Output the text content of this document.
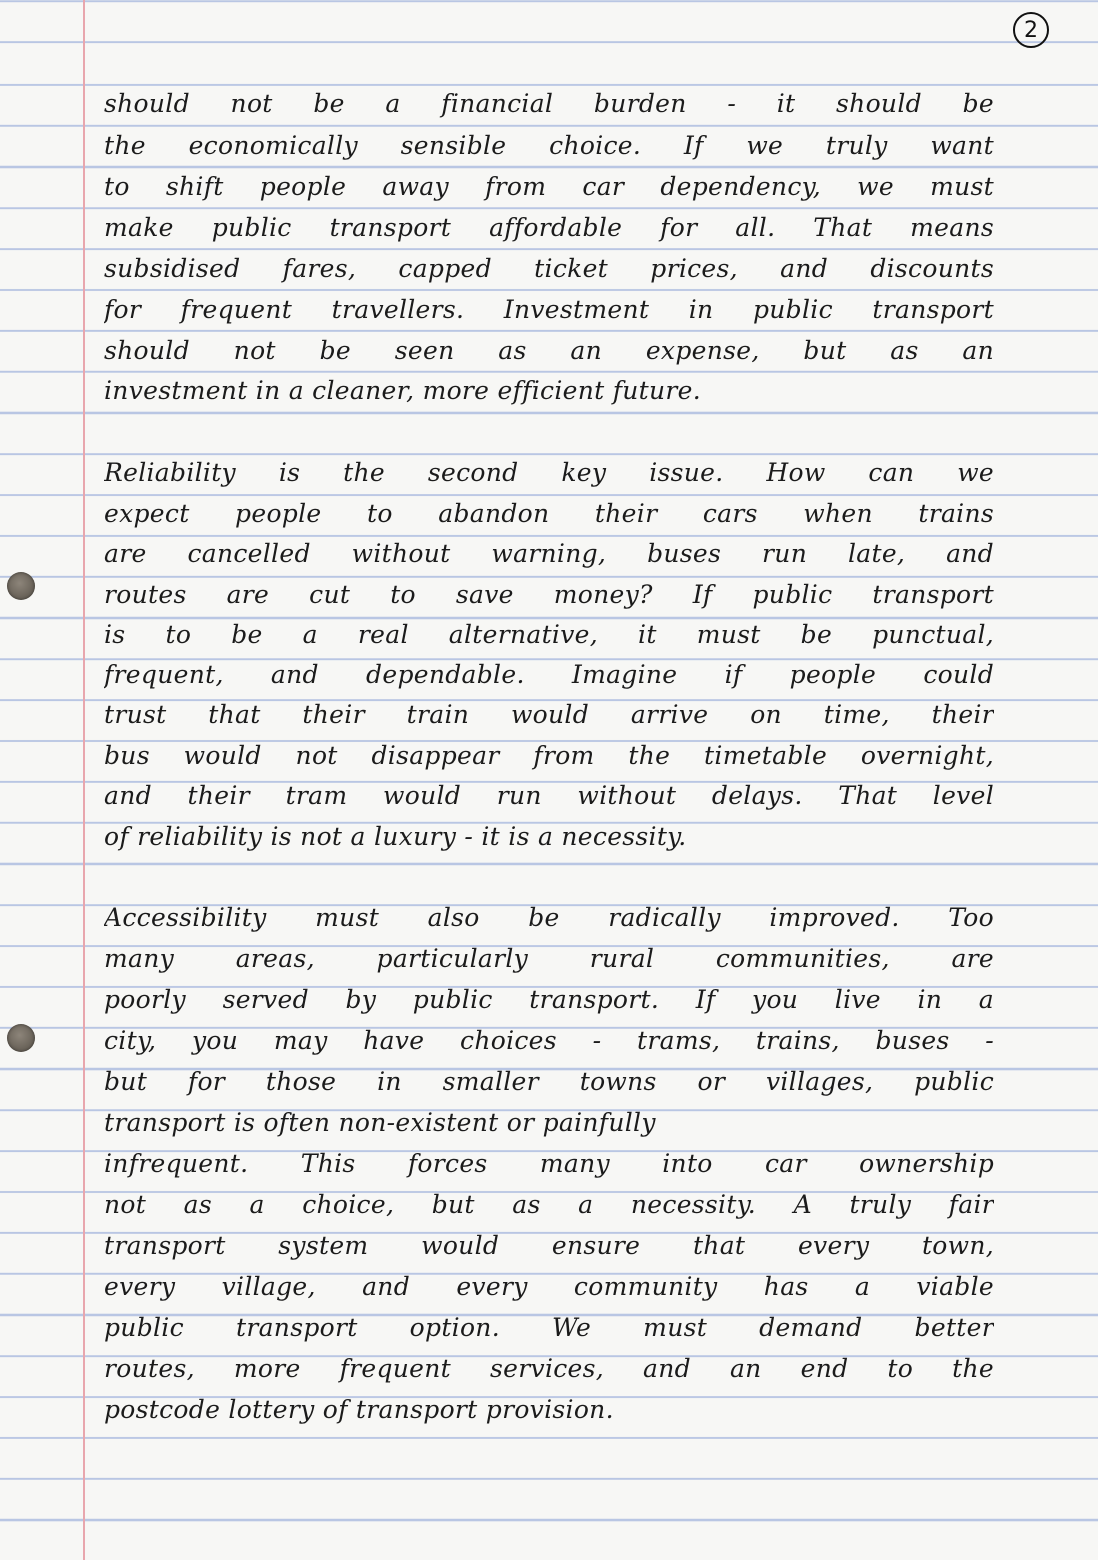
2
should not be a financial burden - it should be
the economically sensible choice. If we truly want
to shift people away from car dependency, we must
make public transport affordable for all. That means
subsidised fares, capped ticket prices, and discounts
for frequent travellers. Investment in public transport
should not be seen as an expense, but as an
investment in a cleaner, more efficient future.
Reliability is the second key issue. How can we
expect people to abandon their cars when trains
are cancelled without warning, buses run late, and
routes are cut to save money? If public transport
is to be a real alternative, it must be punctual,
frequent, and dependable. Imagine if people could
trust that their train would arrive on time, their
bus would not disappear from the timetable overnight,
and their tram would run without delays. That level
of reliability is not a luxury - it is a necessity.
Accessibility must also be radically improved. Too
many areas, particularly rural communities, are
poorly served by public transport. If you live in a
city, you may have choices - trams, trains, buses -
but for those in smaller towns or villages, public
transport is often non-existent or painfully
infrequent. This forces many into car ownership
not as a choice, but as a necessity. A truly fair
transport system would ensure that every town,
every village, and every community has a viable
public transport option. We must demand better
routes, more frequent services, and an end to the
postcode lottery of transport provision.
